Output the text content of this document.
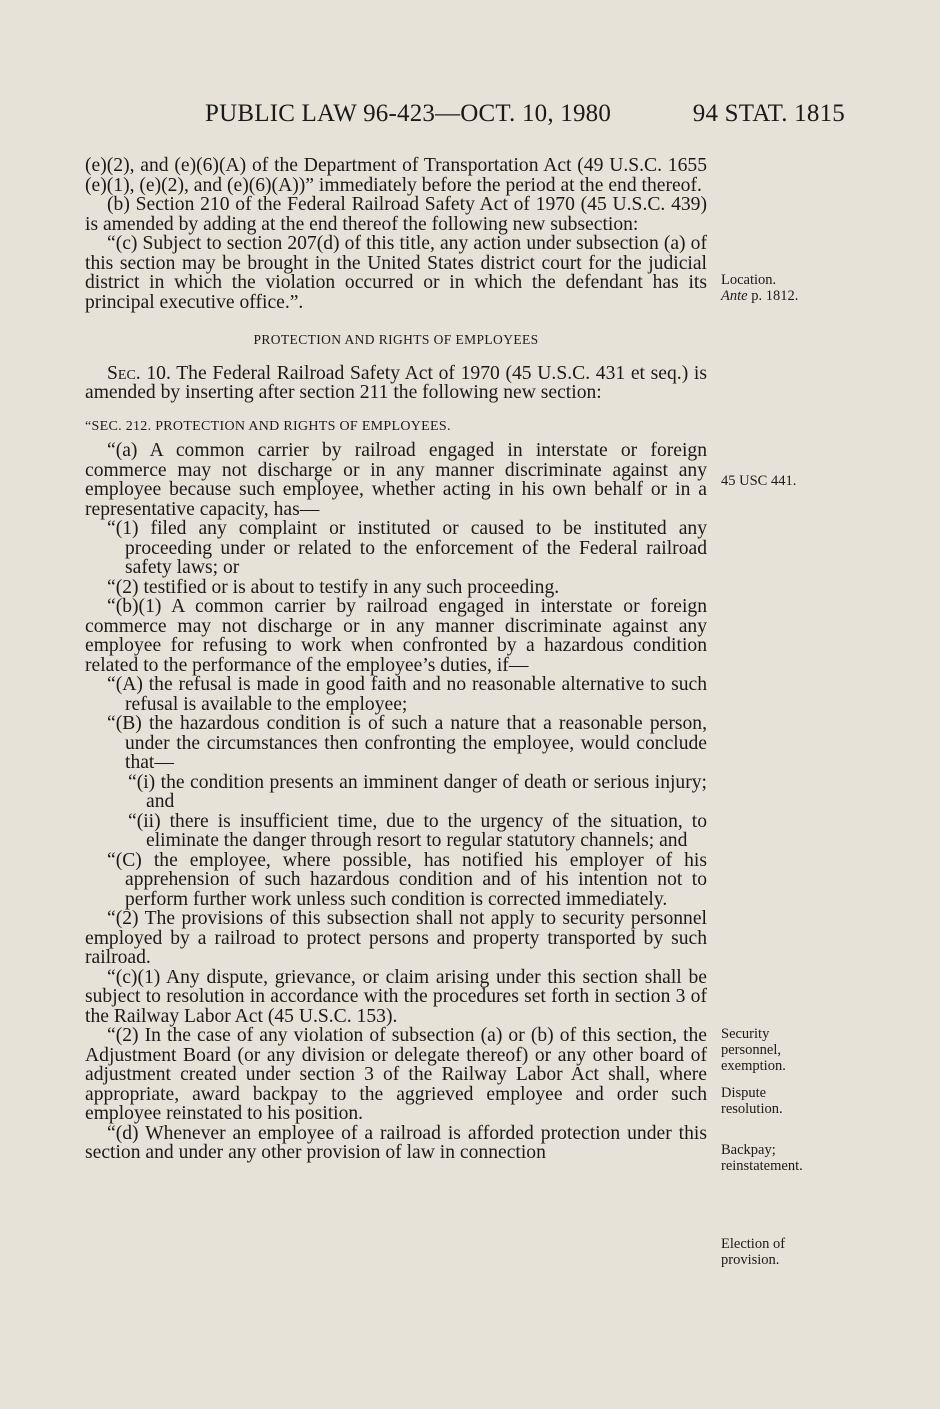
PUBLIC LAW 96-423—OCT. 10, 1980	94 STAT. 1815

(e)(2), and (e)(6)(A) of the Department of Transportation Act (49 U.S.C. 1655 (e)(1), (e)(2), and (e)(6)(A))” immediately before the period at the end thereof.

(b) Section 210 of the Federal Railroad Safety Act of 1970 (45 U.S.C. 439) is amended by adding at the end thereof the following new subsection:

“(c) Subject to section 207(d) of this title, any action under subsection (a) of this section may be brought in the United States district court for the judicial district in which the violation occurred or in which the defendant has its principal executive office.”.

PROTECTION AND RIGHTS OF EMPLOYEES

Sec. 10. The Federal Railroad Safety Act of 1970 (45 U.S.C. 431 et seq.) is amended by inserting after section 211 the following new section:

“SEC. 212. PROTECTION AND RIGHTS OF EMPLOYEES.

“(a) A common carrier by railroad engaged in interstate or foreign commerce may not discharge or in any manner discriminate against any employee because such employee, whether acting in his own behalf or in a representative capacity, has—

“(1) filed any complaint or instituted or caused to be instituted any proceeding under or related to the enforcement of the Federal railroad safety laws; or

“(2) testified or is about to testify in any such proceeding.

“(b)(1) A common carrier by railroad engaged in interstate or foreign commerce may not discharge or in any manner discriminate against any employee for refusing to work when confronted by a hazardous condition related to the performance of the employee’s duties, if—

“(A) the refusal is made in good faith and no reasonable alternative to such refusal is available to the employee;

“(B) the hazardous condition is of such a nature that a reasonable person, under the circumstances then confronting the employee, would conclude that—

“(i) the condition presents an imminent danger of death or serious injury; and

“(ii) there is insufficient time, due to the urgency of the situation, to eliminate the danger through resort to regular statutory channels; and

“(C) the employee, where possible, has notified his employer of his apprehension of such hazardous condition and of his intention not to perform further work unless such condition is corrected immediately.

“(2) The provisions of this subsection shall not apply to security personnel employed by a railroad to protect persons and property transported by such railroad.

“(c)(1) Any dispute, grievance, or claim arising under this section shall be subject to resolution in accordance with the procedures set forth in section 3 of the Railway Labor Act (45 U.S.C. 153).

“(2) In the case of any violation of subsection (a) or (b) of this section, the Adjustment Board (or any division or delegate thereof) or any other board of adjustment created under section 3 of the Railway Labor Act shall, where appropriate, award backpay to the aggrieved employee and order such employee reinstated to his position.

“(d) Whenever an employee of a railroad is afforded protection under this section and under any other provision of law in connection

Location.
Ante p. 1812.
45 USC 441.
Security personnel, exemption.
Dispute resolution.
Backpay; reinstatement.
Election of provision.
